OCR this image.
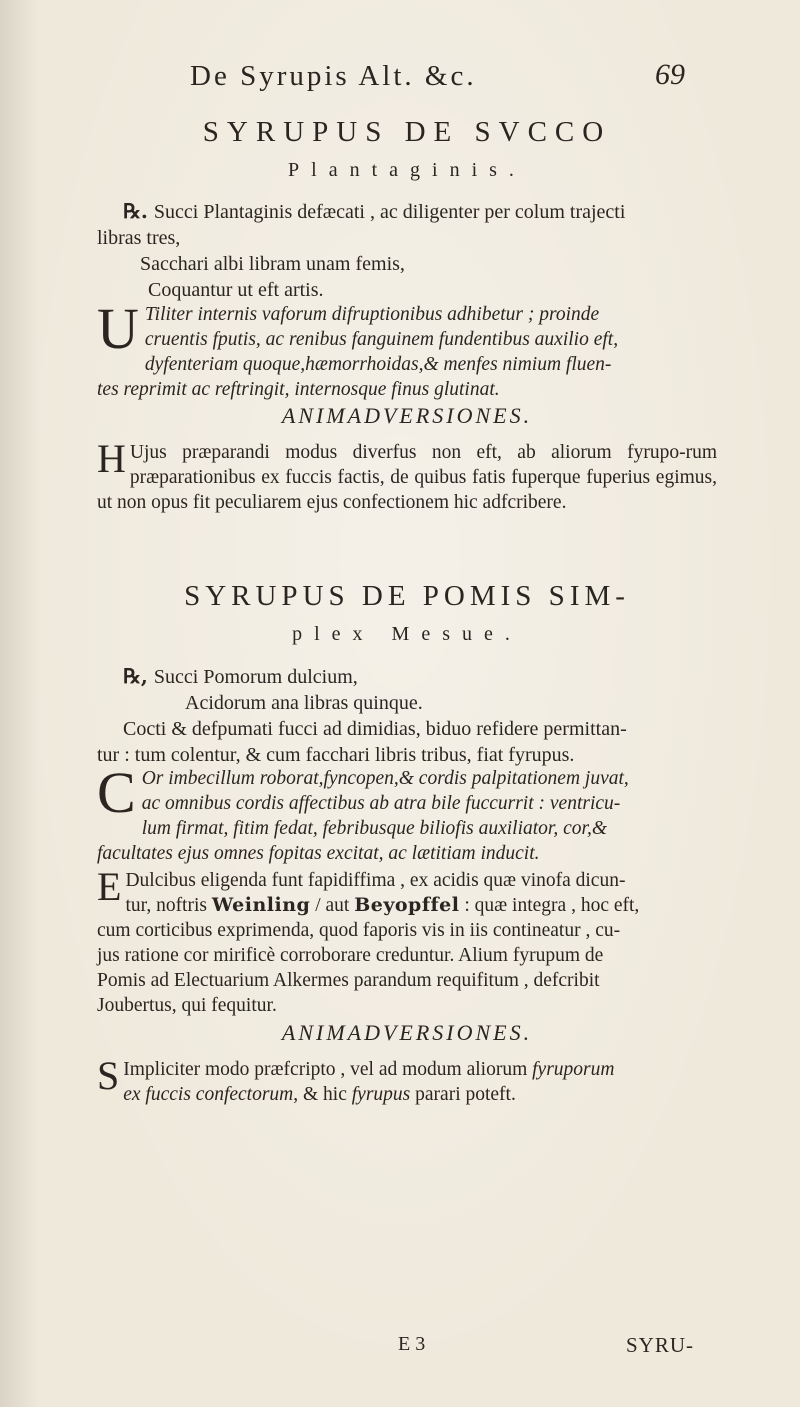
De Syrupis Alt. &c.	69
SYRUPUS DE SVCCO
Plantaginis.
℞. Succi Plantaginis defæcati , ac diligenter per colum trajecti
libras tres,
Sacchari albi libram unam femis,
Coquantur ut eft artis.
U Tiliter internis vaforum difruptionibus adhibetur ; proinde
cruentis fputis, ac renibus fanguinem fundentibus auxilio eft,
dyfenteriam quoque,hæmorrhoidas,& menfes nimium fluen-
tes reprimit ac reftringit, internosque finus glutinat.
ANIMADVERSIONES.
H Ujus præparandi modus diverfus non eft, ab aliorum fyrupo-rum præparationibus ex fuccis factis, de quibus fatis fuperque fuperius egimus, ut non opus fit peculiarem ejus confectionem hic adfcribere.
SYRUPUS DE POMIS SIM-
plex Mesue.
℞, Succi Pomorum dulcium,
Acidorum ana libras quinque.
Cocti & defpumati fucci ad dimidias, biduo refidere permittan-
tur : tum colentur, & cum facchari libris tribus, fiat fyrupus.
C Or imbecillum roborat,fyncopen,& cordis palpitationem juvat,
ac omnibus cordis affectibus ab atra bile fuccurrit : ventricu-
lum firmat, fitim fedat, febribusque biliofis auxiliator, cor,&
facultates ejus omnes fopitas excitat, ac lætitiam inducit.
E Dulcibus eligenda funt fapidiffima , ex acidis quæ vinofa dicun-
tur, noftris Weinling / aut Beyopffel : quæ integra , hoc eft,
cum corticibus exprimenda, quod faporis vis in iis contineatur , cu-
jus ratione cor mirificè corroborare creduntur. Alium fyrupum de
Pomis ad Electuarium Alkermes parandum requifitum , defcribit
Joubertus, qui fequitur.
ANIMADVERSIONES.
S Impliciter modo præfcripto , vel ad modum aliorum fyruporum
ex fuccis confectorum, & hic fyrupus parari poteft.
E 3	SYRU-
